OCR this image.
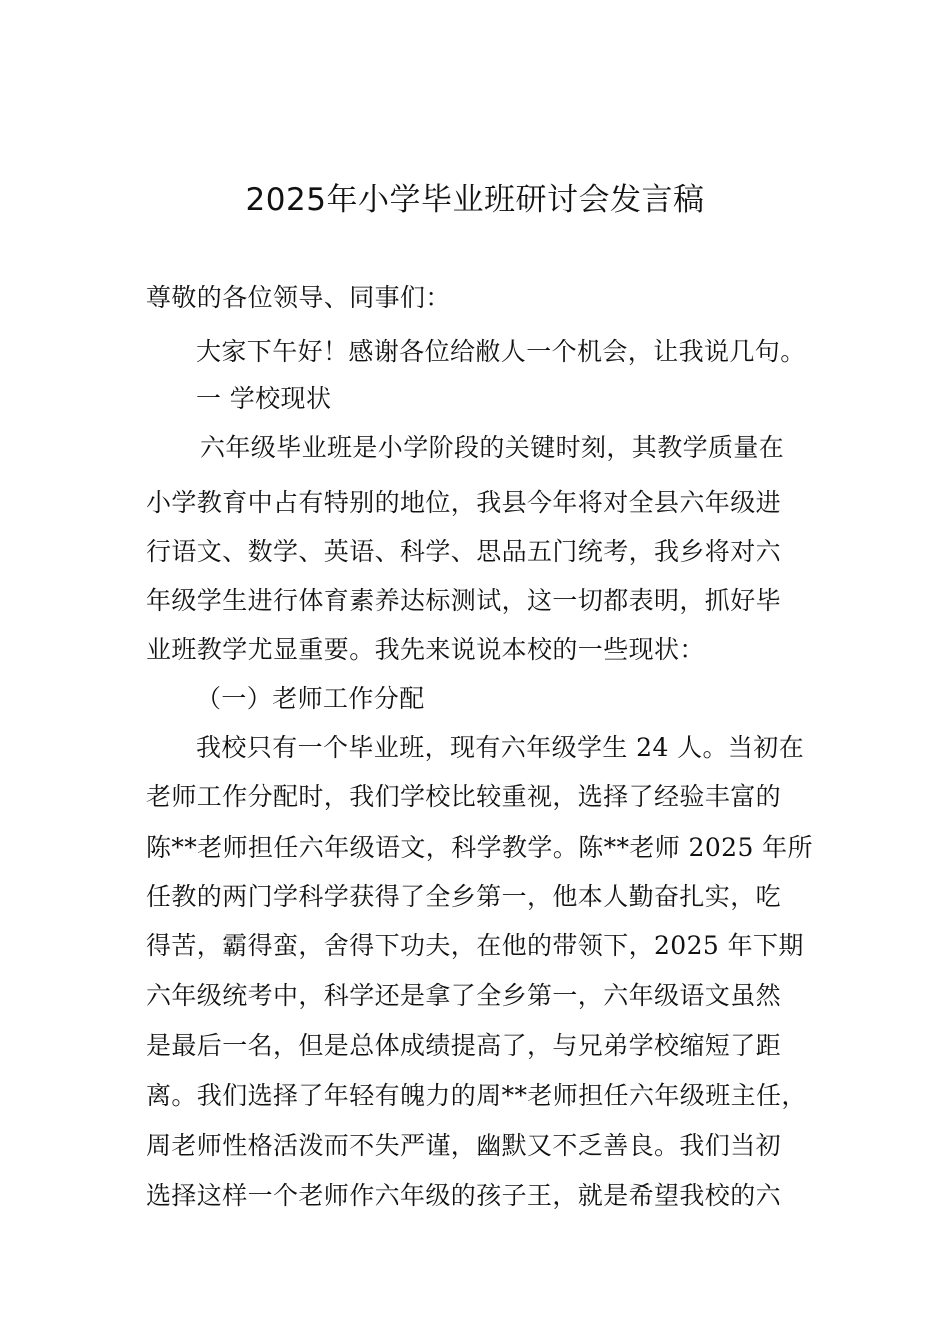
2025年小学毕业班研讨会发言稿
尊敬的各位领导、同事们：
大家下午好！感谢各位给敝人一个机会，让我说几句。
一 学校现状
六年级毕业班是小学阶段的关键时刻，其教学质量在
小学教育中占有特别的地位，我县今年将对全县六年级进
行语文、数学、英语、科学、思品五门统考，我乡将对六
年级学生进行体育素养达标测试，这一切都表明，抓好毕
业班教学尤显重要。我先来说说本校的一些现状：
（一）老师工作分配
我校只有一个毕业班，现有六年级学生 24 人。当初在
老师工作分配时，我们学校比较重视，选择了经验丰富的
陈**老师担任六年级语文，科学教学。陈**老师 2025 年所
任教的两门学科学获得了全乡第一，他本人勤奋扎实，吃
得苦，霸得蛮，舍得下功夫，在他的带领下，2025 年下期
六年级统考中，科学还是拿了全乡第一，六年级语文虽然
是最后一名，但是总体成绩提高了，与兄弟学校缩短了距
离。我们选择了年轻有魄力的周**老师担任六年级班主任，
周老师性格活泼而不失严谨，幽默又不乏善良。我们当初
选择这样一个老师作六年级的孩子王，就是希望我校的六
